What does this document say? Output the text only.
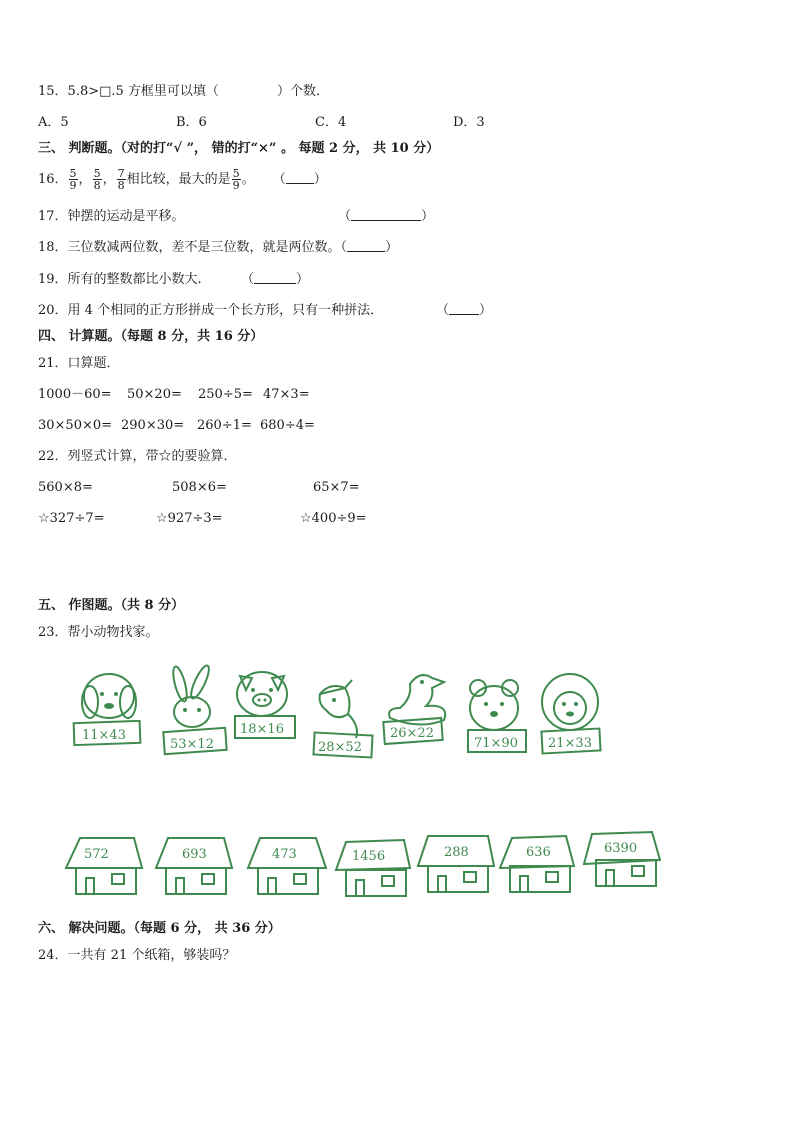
15．5.8>□.5 方框里可以填（	）个数．
A．5	B．6	C．4	D．3
三、 判断题。（对的打“√ ”， 错的打“×” 。 每题 2 分， 共 10 分）
16． $\frac{5}{9}$ ， $\frac{5}{8}$ ， $\frac{7}{8}$ 相比较，最大的是 $\frac{5}{9}$ 。 （ ）
17．钟摆的运动是平移。	（	）
18．三位数减两位数，差不是三位数，就是两位数。（	）
19．所有的整数都比小数大.	（	）
20．用 4 个相同的正方形拼成一个长方形，只有一种拼法．	（ ）
四、 计算题。（每题 8 分，共 16 分）
21．口算题．
1000－60= 50×20= 250÷5= 47×3=
30×50×0= 290×30= 260÷1= 680÷4=
22．列竖式计算，带☆的要验算．
560×8=	508×6=	65×7=
☆327÷7=	☆927÷3=	☆400÷9=
五、 作图题。（共 8 分）
23．帮小动物找家。
11×43
53×12
18×16
28×52
26×22
71×90 21×33
572	693	473	1456	288	636	6390
六、 解决问题。（每题 6 分， 共 36 分）
24．一共有 21 个纸箱，够装吗？
